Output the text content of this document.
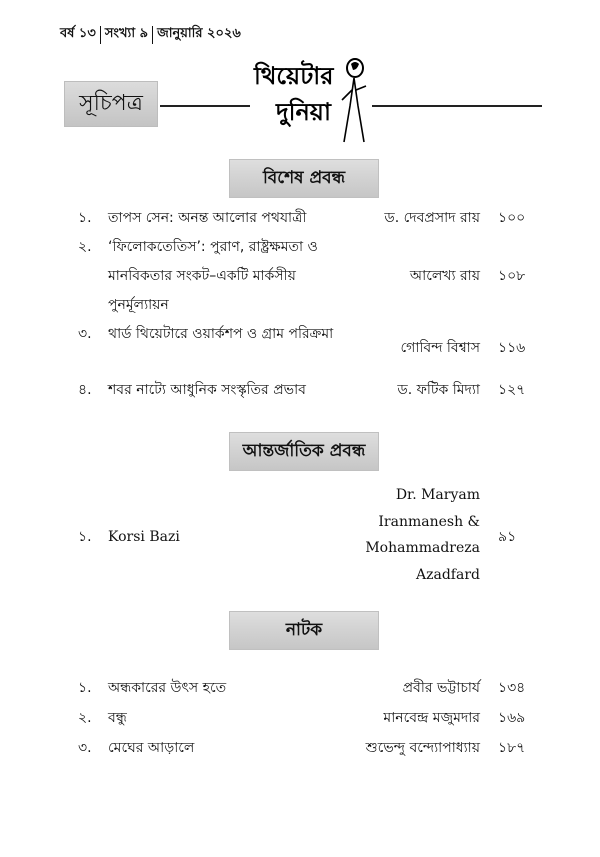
বর্ষ ১৩ সংখ্যা ৯ জানুয়ারি ২০২৬
সূচিপত্র
থিয়েটার
দুনিয়া
বিশেষ প্রবন্ধ
১. তাপস সেন: অনন্ত আলোর পথযাত্রী	ড. দেবপ্রসাদ রায় ১০০
২. ‘ফিলোকতেতিস’: পুরাণ, রাষ্ট্রক্ষমতা ও মানবিকতার সংকট–একটি মার্কসীয় পুনর্মূল্যায়ন
আলেখ্য রায় ১০৮
৩. থার্ড থিয়েটারে ওয়ার্কশপ ও গ্রাম পরিক্রমা
গোবিন্দ বিশ্বাস ১১৬
৪. শবর নাট্যে আধুনিক সংস্কৃতির প্রভাব	ড. ফটিক মিদ্যা ১২৭
আন্তর্জাতিক প্রবন্ধ
১. Korsi Bazi
Dr. Maryam
Iranmanesh &
Mohammadreza
Azadfard
৯১
নাটক
১. অন্ধকারের উৎস হতে	প্রবীর ভট্টাচার্য ১৩৪
২. বন্ধু	মানবেন্দ্র মজুমদার ১৬৯
৩. মেঘের আড়ালে	শুভেন্দু বন্দ্যোপাধ্যায় ১৮৭
